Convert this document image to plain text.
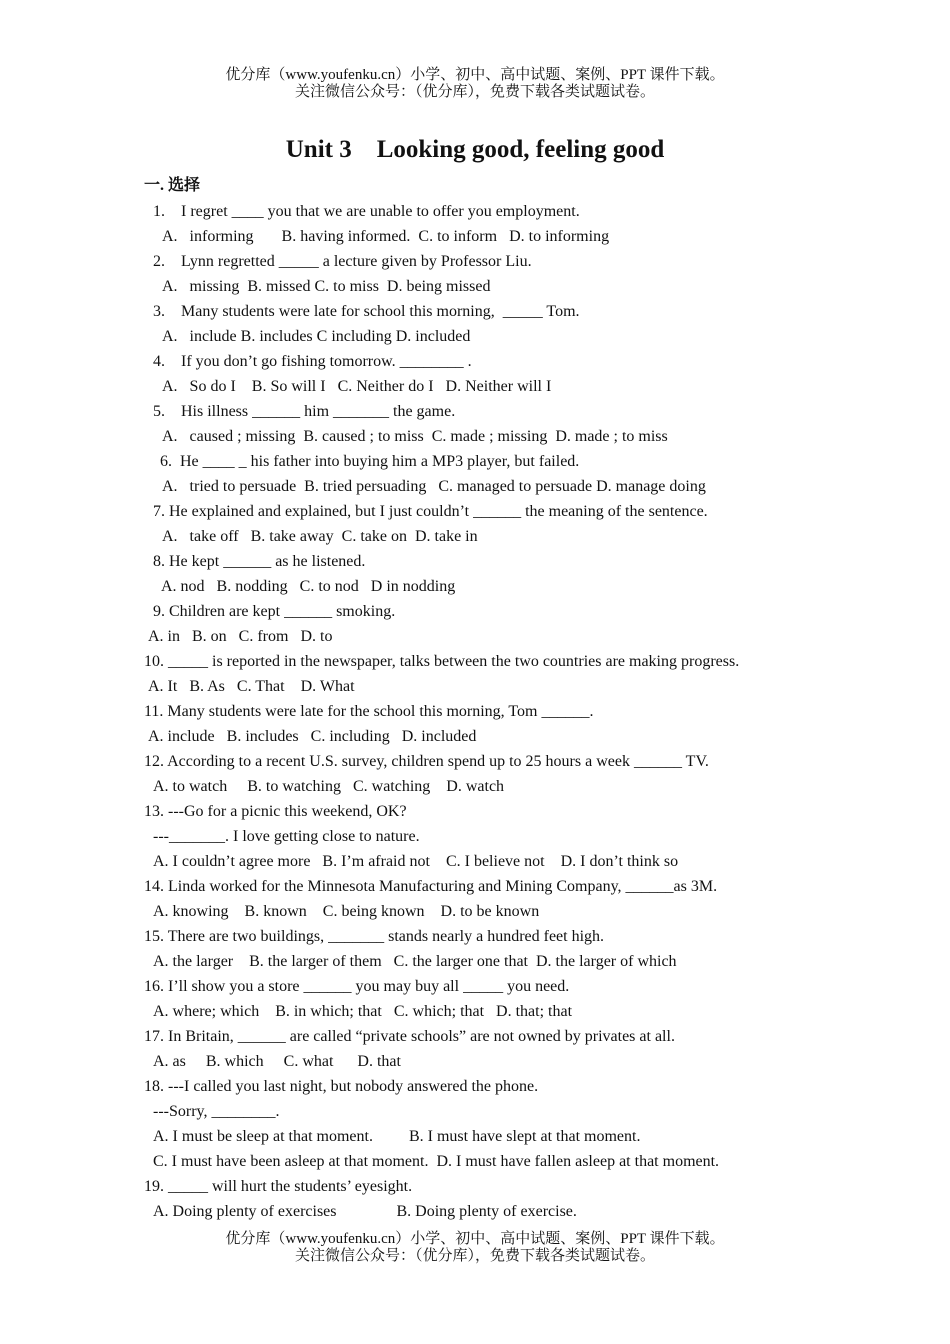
优分库（www.youfenku.cn）小学、初中、高中试题、案例、PPT 课件下载。
关注微信公众号：（优分库），免费下载各类试题试卷。
Unit 3    Looking good, feeling good
一. 选择
1.    I regret ____ you that we are unable to offer you employment.
A.   informing       B. having informed.  C. to inform   D. to informing
2.    Lynn regretted _____ a lecture given by Professor Liu.
A.   missing  B. missed C. to miss  D. being missed
3.    Many students were late for school this morning,  _____ Tom.
A.   include B. includes C including D. included
4.    If you don’t go fishing tomorrow. ________ .
A.   So do I    B. So will I   C. Neither do I   D. Neither will I
5.    His illness ______ him _______ the game.
A.   caused ; missing  B. caused ; to miss  C. made ; missing  D. made ; to miss
6.  He ____ _ his father into buying him a MP3 player, but failed.
A.   tried to persuade  B. tried persuading   C. managed to persuade D. manage doing
7. He explained and explained, but I just couldn’t ______ the meaning of the sentence.
A.   take off   B. take away  C. take on  D. take in
8. He kept ______ as he listened.
A. nod   B. nodding   C. to nod   D in nodding
9. Children are kept ______ smoking.
A. in   B. on   C. from   D. to
10. _____ is reported in the newspaper, talks between the two countries are making progress.
A. It   B. As   C. That    D. What
11. Many students were late for the school this morning, Tom ______.
A. include   B. includes   C. including   D. included
12. According to a recent U.S. survey, children spend up to 25 hours a week ______ TV.
A. to watch     B. to watching   C. watching    D. watch
13. ---Go for a picnic this weekend, OK?
---_______. I love getting close to nature.
A. I couldn’t agree more   B. I’m afraid not    C. I believe not    D. I don’t think so
14. Linda worked for the Minnesota Manufacturing and Mining Company, ______as 3M.
A. knowing    B. known    C. being known    D. to be known
15. There are two buildings, _______ stands nearly a hundred feet high.
A. the larger    B. the larger of them   C. the larger one that  D. the larger of which
16. I’ll show you a store ______ you may buy all _____ you need.
A. where; which    B. in which; that   C. which; that   D. that; that
17. In Britain, ______ are called “private schools” are not owned by privates at all.
A. as     B. which     C. what      D. that
18. ---I called you last night, but nobody answered the phone.
---Sorry, ________.
A. I must be sleep at that moment.         B. I must have slept at that moment.
C. I must have been asleep at that moment.  D. I must have fallen asleep at that moment.
19. _____ will hurt the students’ eyesight.
A. Doing plenty of exercises               B. Doing plenty of exercise.
优分库（www.youfenku.cn）小学、初中、高中试题、案例、PPT 课件下载。
关注微信公众号：（优分库），免费下载各类试题试卷。
